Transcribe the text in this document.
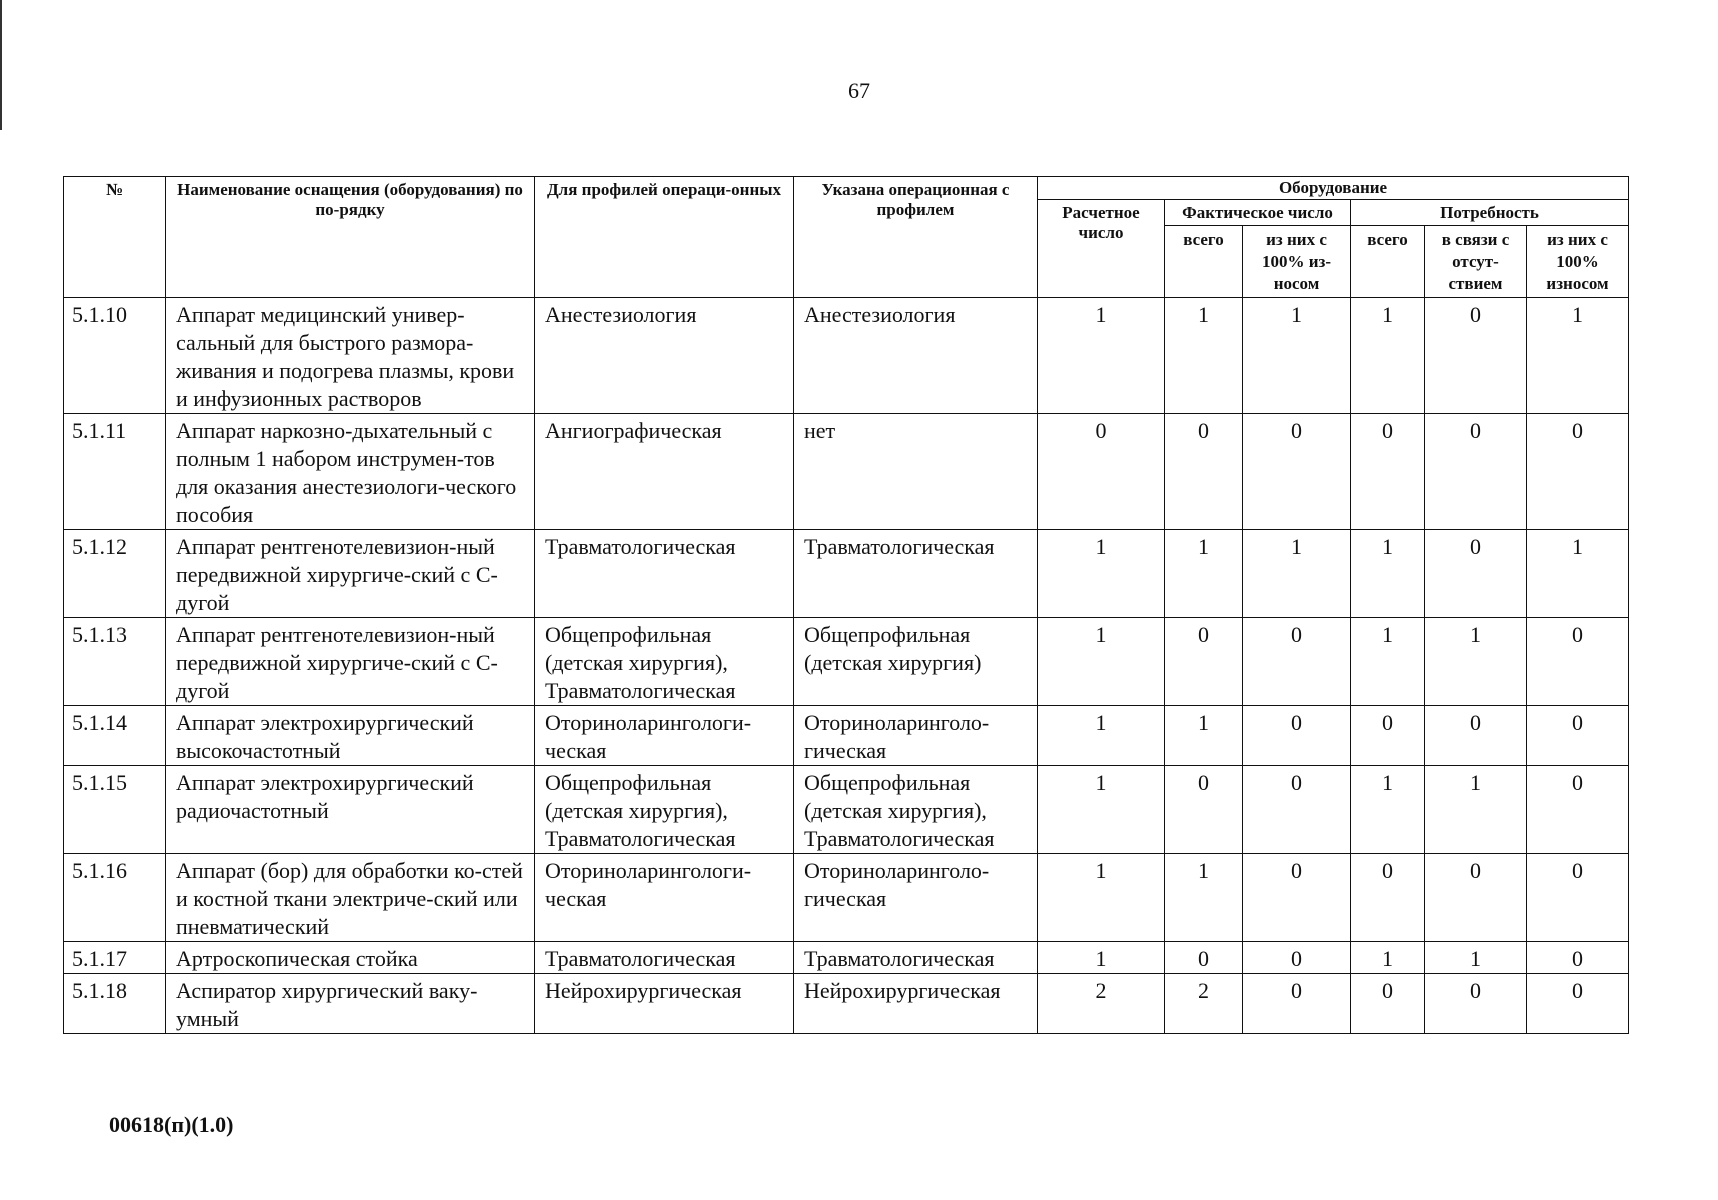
67
№	Наименование оснащения (оборудования) по по-рядку	Для профилей операци-онных	Указана операционная с профилем	Оборудование					
				Расчетное число	Фактическое число		Потребность		
					всего	из них с 100% из-носом	всего	в связи с отсут-ствием	из них с 100% износом
5.1.10	Аппарат медицинский универ-сальный для быстрого размора-живания и подогрева плазмы, крови и инфузионных растворов	Анестезиология	Анестезиология	1	1	1	1	0	1
5.1.11	Аппарат наркозно-дыхательный с полным 1 набором инструмен-тов для оказания анестезиологи-ческого пособия	Ангиографическая	нет	0	0	0	0	0	0
5.1.12	Аппарат рентгенотелевизион-ный передвижной хирургиче-ский с С-дугой	Травматологическая	Травматологическая	1	1	1	1	0	1
5.1.13	Аппарат рентгенотелевизион-ный передвижной хирургиче-ский с С-дугой	Общепрофильная (детская хирургия), Травматологическая	Общепрофильная (детская хирургия)	1	0	0	1	1	0
5.1.14	Аппарат электрохирургический высокочастотный	Оториноларингологи-ческая	Оториноларинголо-гическая	1	1	0	0	0	0
5.1.15	Аппарат электрохирургический радиочастотный	Общепрофильная (детская хирургия), Травматологическая	Общепрофильная (детская хирургия), Травматологическая	1	0	0	1	1	0
5.1.16	Аппарат (бор) для обработки ко-стей и костной ткани электриче-ский или пневматический	Оториноларингологи-ческая	Оториноларинголо-гическая	1	1	0	0	0	0
5.1.17	Артроскопическая стойка	Травматологическая	Травматологическая	1	0	0	1	1	0
5.1.18	Аспиратор хирургический ваку-умный	Нейрохирургическая	Нейрохирургическая	2	2	0	0	0	0
00618(п)(1.0)
